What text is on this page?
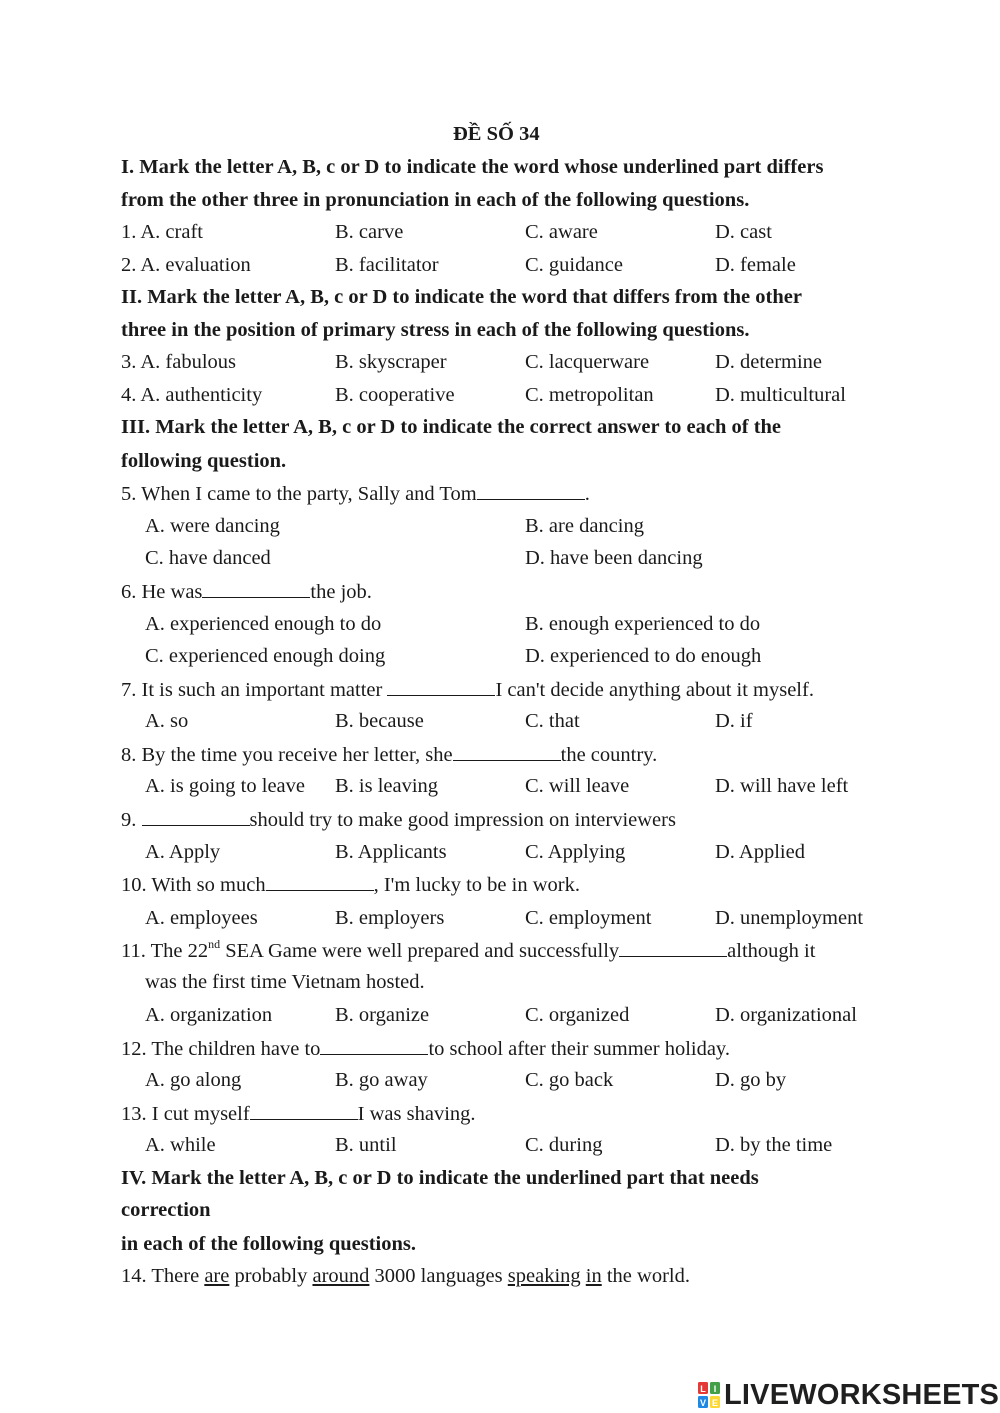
ĐỀ SỐ 34
I. Mark the letter A, B, c or D to indicate the word whose underlined part differs
from the other three in pronunciation in each of the following questions.
1. A. craft	B. carve	C. aware	D. cast
2. A. evaluation	B. facilitator	C. guidance	D. female
II. Mark the letter A, B, c or D to indicate the word that differs from the other
three in the position of primary stress in each of the following questions.
3. A. fabulous	B. skyscraper	C. lacquerware	D. determine
4. A. authenticity	B. cooperative	C. metropolitan	D. multicultural
III. Mark the letter A, B, c or D to indicate the correct answer to each of the
following question.
5. When I came to the party, Sally and Tom	.
A. were dancing	B. are dancing
C. have danced	D. have been dancing
6. He was	the job.
A. experienced enough to do	B. enough experienced to do
C. experienced enough doing	D. experienced to do enough
7. It is such an important matter	I can't decide anything about it myself.
A. so	B. because	C. that	D. if
8. By the time you receive her letter, she	the country.
A. is going to leave B. is leaving	C. will leave	D. will have left
9.	should try to make good impression on interviewers
A. Apply	B. Applicants	C. Applying	D. Applied
10. With so much	, I'm lucky to be in work.
A. employees	B. employers	C. employment	D. unemployment
11. The 22nd SEA Game were well prepared and successfully	although it
was the first time Vietnam hosted.
A. organization	B. organize	C. organized	D. organizational
12. The children have to	to school after their summer holiday.
A. go along	B. go away	C. go back	D. go by
13. I cut myself	I was shaving.
A. while	B. until	C. during	D. by the time
IV. Mark the letter A, B, c or D to indicate the underlined part that needs
correction
in each of the following questions.
14. There are probably around 3000 languages speaking in the world.
L I
V E LIVEWORKSHEETS
